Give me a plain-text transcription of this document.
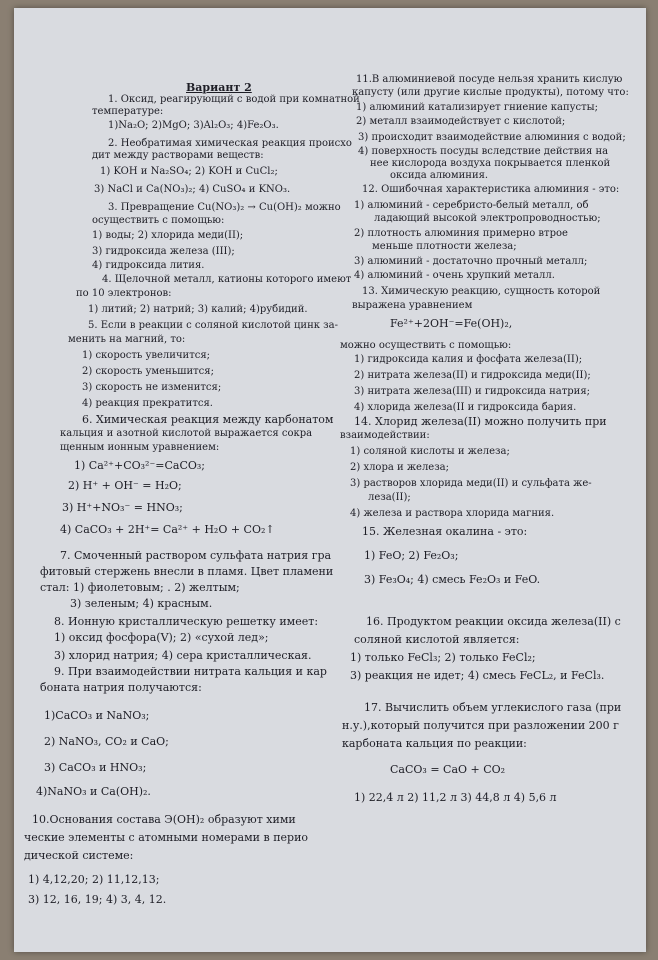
Вариант 2
1. Оксид, реагирующий с водой при комнатной
температуре:
1)Na₂O; 2)MgO; 3)Al₂O₃; 4)Fe₂O₃.
2. Необратимая химическая реакция происхо
дит между растворами веществ:
1) KOH и Na₂SO₄; 2) KOH и CuCl₂;
3) NaCl и Ca(NO₃)₂; 4) CuSO₄ и KNO₃.
3. Превращение Cu(NO₃)₂ → Cu(OH)₂ можно
осуществить с помощью:
1) воды; 2) хлорида меди(II);
3) гидроксида железа (III);
4) гидроксида лития.
4. Щелочной металл, катионы которого имеют
по 10 электронов:
1) литий; 2) натрий; 3) калий; 4)рубидий.
5. Если в реакции с соляной кислотой цинк за-
менить на магний, то:
1) скорость увеличится;
2) скорость уменьшится;
3) скорость не изменится;
4) реакция прекратится.
6. Химическая реакция между карбонатом
кальция и азотной кислотой выражается сокра
щенным ионным уравнением:
1) Ca²⁺+CO₃²⁻=CaCO₃;
2) H⁺ + OH⁻ = H₂O;
3) H⁺+NO₃⁻ = HNO₃;
4) CaCO₃ + 2H⁺= Ca²⁺ + H₂O + CO₂↑
7. Смоченный раствором сульфата натрия гра
фитовый стержень внесли в пламя. Цвет пламени
стал: 1) фиолетовым; . 2) желтым;
3) зеленым; 4) красным.
8. Ионную кристаллическую решетку имеет:
1) оксид фосфора(V); 2) «сухой лед»;
3) хлорид натрия; 4) сера кристаллическая.
9. При взаимодействии нитрата кальция и кар
боната натрия получаются:
1)CaCO₃ и NaNO₃;
2) NaNO₃, CO₂ и CaO;
3) CaCO₃ и HNO₃;
4)NaNO₃ и Ca(OH)₂.
10.Основания состава Э(OH)₂ образуют хими
ческие элементы с атомными номерами в перио
дической системе:
1) 4,12,20; 2) 11,12,13;
3) 12, 16, 19; 4) 3, 4, 12.
11.В алюминиевой посуде нельзя хранить кислую
капусту (или другие кислые продукты), потому что:
1) алюминий катализирует гниение капусты;
2) металл взаимодействует с кислотой;
3) происходит взаимодействие алюминия с водой;
4) поверхность посуды вследствие действия на
нее кислорода воздуха покрывается пленкой
оксида алюминия.
12. Ошибочная характеристика алюминия - это:
1) алюминий - серебристо-белый металл, об
ладающий высокой электропроводностью;
2) плотность алюминия примерно втрое
меньше плотности железа;
3) алюминий - достаточно прочный металл;
4) алюминий - очень хрупкий металл.
13. Химическую реакцию, сущность которой
выражена уравнением
Fe²⁺+2OH⁻=Fe(OH)₂,
можно осуществить с помощью:
1) гидроксида калия и фосфата железа(II);
2) нитрата железа(II) и гидроксида меди(II);
3) нитрата железа(III) и гидроксида натрия;
4) хлорида железа(II и гидроксида бария.
14. Хлорид железа(II) можно получить при
взаимодействии:
1) соляной кислоты и железа;
2) хлора и железа;
3) растворов хлорида меди(II) и сульфата же-
леза(II);
4) железа и раствора хлорида магния.
15. Железная окалина - это:
1) FeO; 2) Fe₂O₃;
3) Fe₃O₄; 4) смесь Fe₂O₃ и FeO.
16. Продуктом реакции оксида железа(II) с
соляной кислотой является:
1) только FeCl₃; 2) только FeCl₂;
3) реакция не идет; 4) смесь FeCL₂, и FeCl₃.
17. Вычислить объем углекислого газа (при
н.у.),который получится при разложении 200 г
карбоната кальция по реакции:
CaCO₃ = CaO + CO₂
1) 22,4 л 2) 11,2 л 3) 44,8 л 4) 5,6 л
